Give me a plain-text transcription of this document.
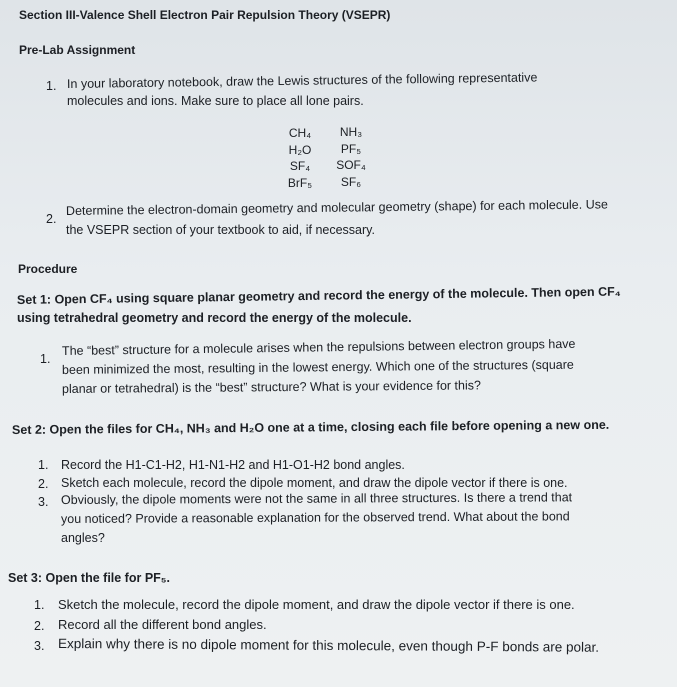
Section III-Valence Shell Electron Pair Repulsion Theory (VSEPR)
Pre-Lab Assignment
1. In your laboratory notebook, draw the Lewis structures of the following representative
molecules and ions. Make sure to place all lone pairs.
CH₄	NH₃
H₂O	PF₅
SF₄	SOF₄
BrF₅	SF₆
2.
Determine the electron-domain geometry and molecular geometry (shape) for each molecule. Use
the VSEPR section of your textbook to aid, if necessary.
Procedure
Set 1: Open CF₄ using square planar geometry and record the energy of the molecule. Then open CF₄
using tetrahedral geometry and record the energy of the molecule.
1.
The “best” structure for a molecule arises when the repulsions between electron groups have
been minimized the most, resulting in the lowest energy. Which one of the structures (square
planar or tetrahedral) is the “best” structure? What is your evidence for this?
Set 2: Open the files for CH₄, NH₃ and H₂O one at a time, closing each file before opening a new one.
1. Record the H1-C1-H2, H1-N1-H2 and H1-O1-H2 bond angles.
2. Sketch each molecule, record the dipole moment, and draw the dipole vector if there is one.
3. Obviously, the dipole moments were not the same in all three structures. Is there a trend that
you noticed? Provide a reasonable explanation for the observed trend. What about the bond
angles?
Set 3: Open the file for PF₅.
1. Sketch the molecule, record the dipole moment, and draw the dipole vector if there is one.
2. Record all the different bond angles.
3. Explain why there is no dipole moment for this molecule, even though P-F bonds are polar.
